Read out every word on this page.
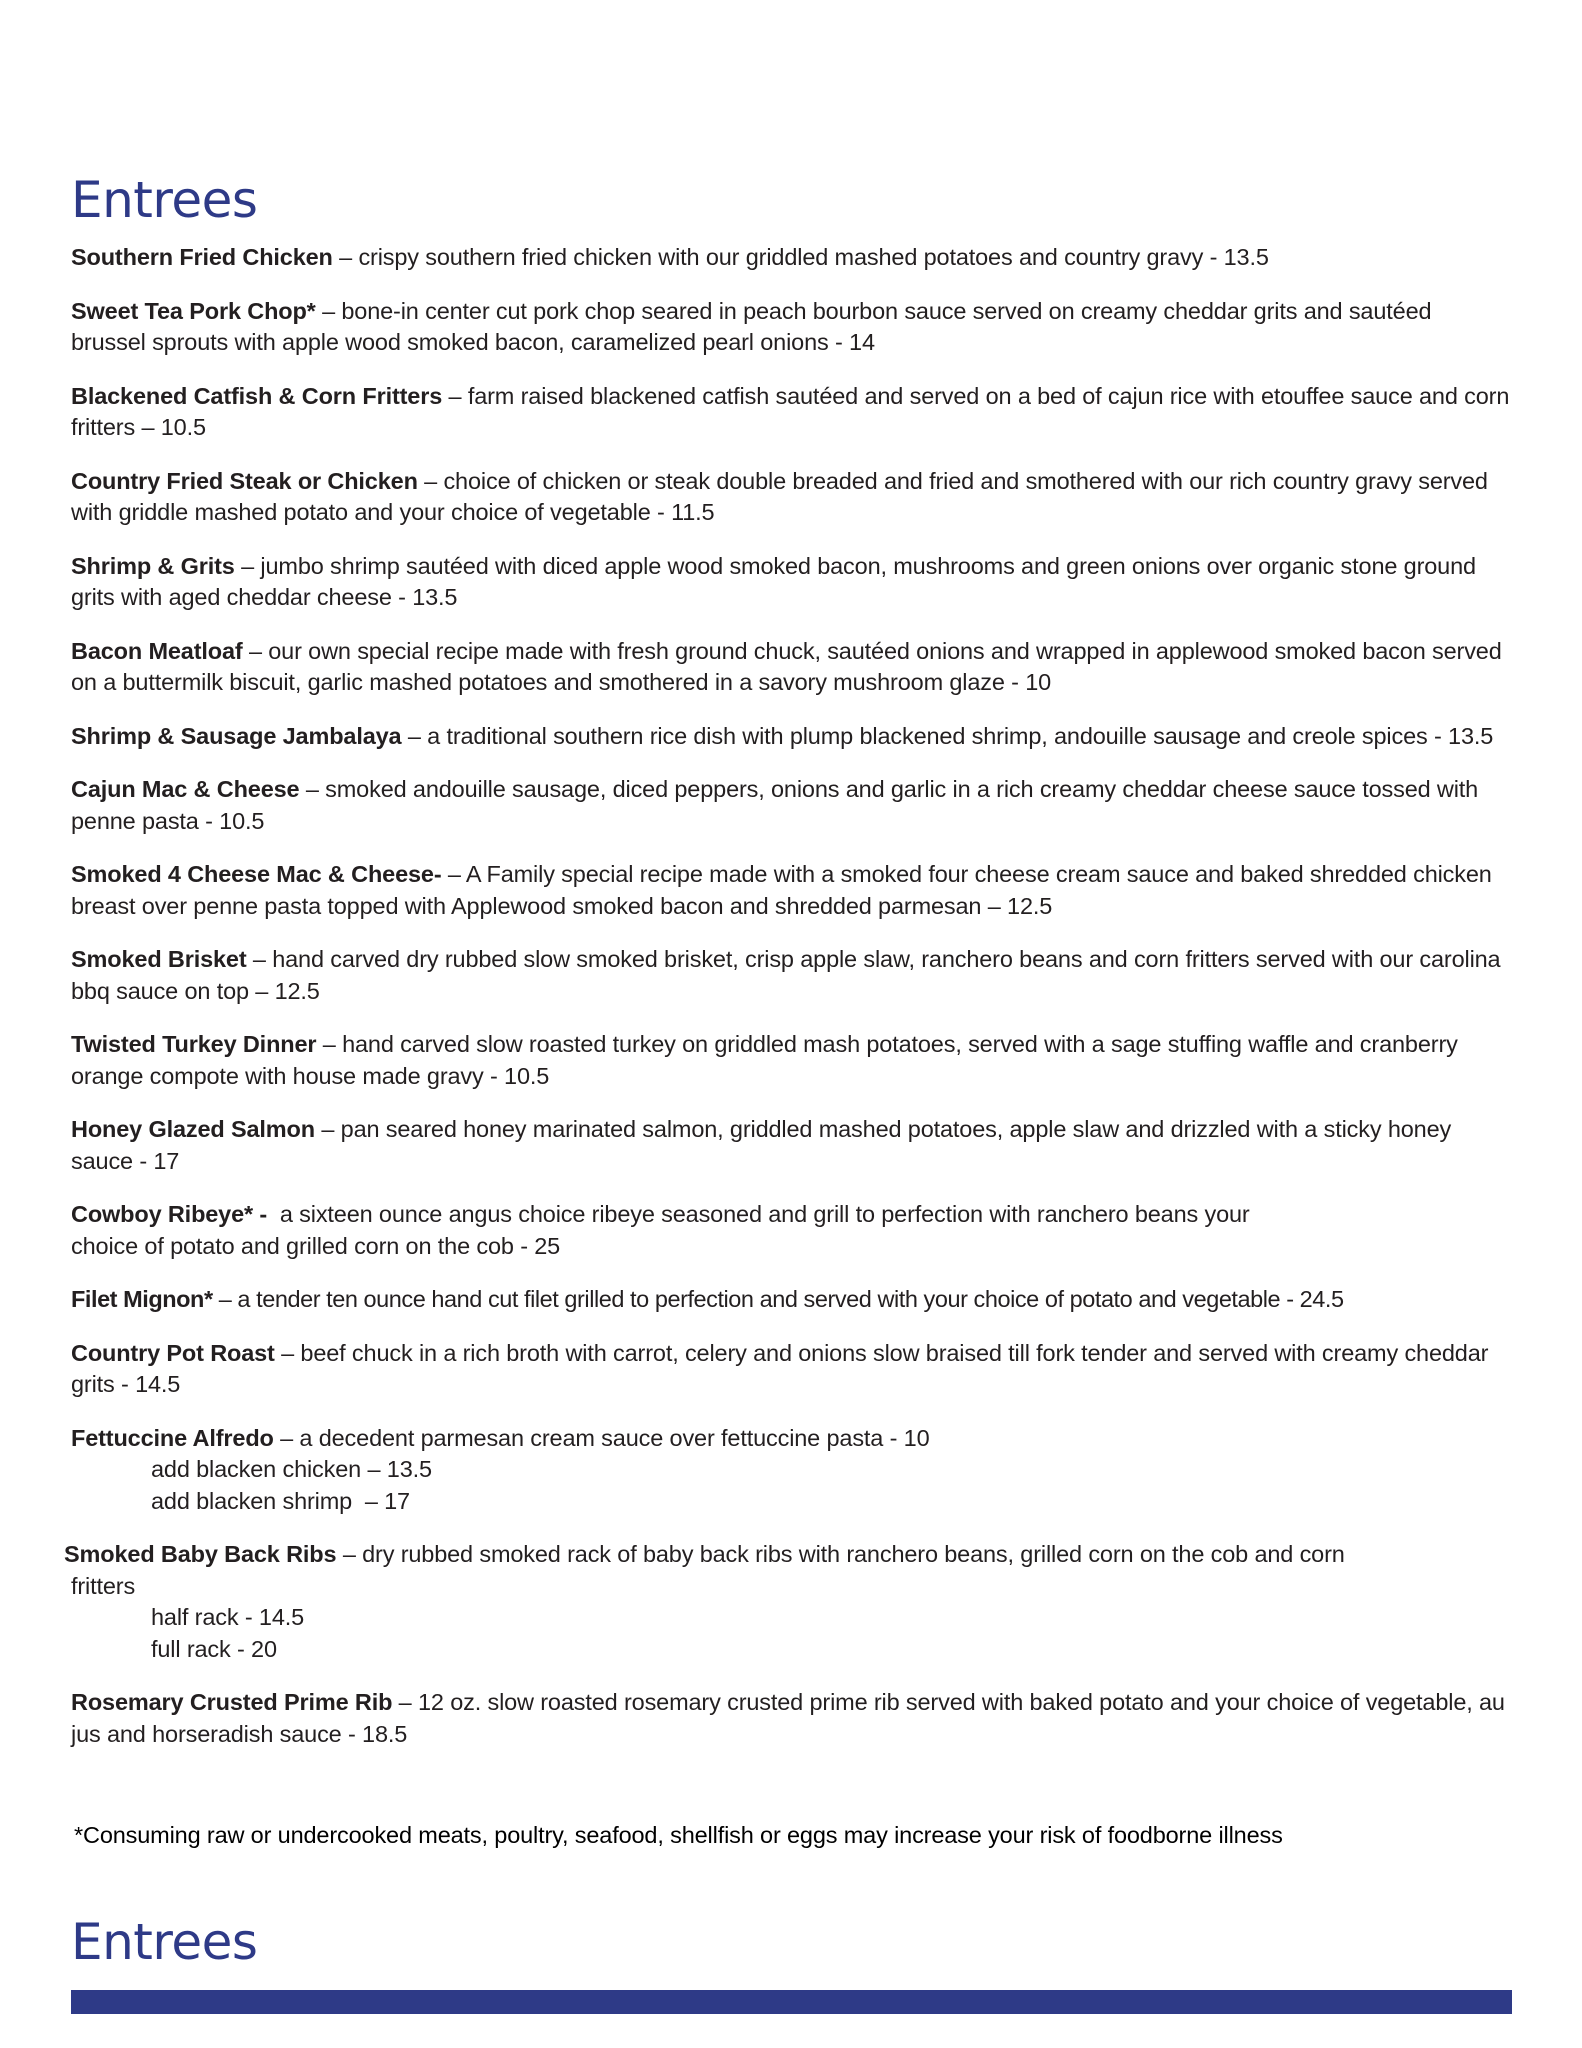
Entrees
Southern Fried Chicken – crispy southern fried chicken with our griddled mashed potatoes and country gravy - 13.5
Sweet Tea Pork Chop* – bone-in center cut pork chop seared in peach bourbon sauce served on creamy cheddar grits and sautéed brussel sprouts with apple wood smoked bacon, caramelized pearl onions - 14
Blackened Catfish & Corn Fritters – farm raised blackened catfish sautéed and served on a bed of cajun rice with etouffee sauce and corn fritters – 10.5
Country Fried Steak or Chicken – choice of chicken or steak double breaded and fried and smothered with our rich country gravy served with griddle mashed potato and your choice of vegetable - 11.5
Shrimp & Grits – jumbo shrimp sautéed with diced apple wood smoked bacon, mushrooms and green onions over organic stone ground grits with aged cheddar cheese - 13.5
Bacon Meatloaf – our own special recipe made with fresh ground chuck, sautéed onions and wrapped in applewood smoked bacon served on a buttermilk biscuit, garlic mashed potatoes and smothered in a savory mushroom glaze - 10
Shrimp & Sausage Jambalaya – a traditional southern rice dish with plump blackened shrimp, andouille sausage and creole spices - 13.5
Cajun Mac & Cheese – smoked andouille sausage, diced peppers, onions and garlic in a rich creamy cheddar cheese sauce tossed with penne pasta - 10.5
Smoked 4 Cheese Mac & Cheese- – A Family special recipe made with a smoked four cheese cream sauce and baked shredded chicken breast over penne pasta topped with Applewood smoked bacon and shredded parmesan – 12.5
Smoked Brisket – hand carved dry rubbed slow smoked brisket, crisp apple slaw, ranchero beans and corn fritters served with our carolina bbq sauce on top – 12.5
Twisted Turkey Dinner – hand carved slow roasted turkey on griddled mash potatoes, served with a sage stuffing waffle and cranberry orange compote with house made gravy - 10.5
Honey Glazed Salmon – pan seared honey marinated salmon, griddled mashed potatoes, apple slaw and drizzled with a sticky honey sauce - 17
Cowboy Ribeye* -  a sixteen ounce angus choice ribeye seasoned and grill to perfection with ranchero beans your
choice of potato and grilled corn on the cob - 25
Filet Mignon* – a tender ten ounce hand cut filet grilled to perfection and served with your choice of potato and vegetable - 24.5
Country Pot Roast – beef chuck in a rich broth with carrot, celery and onions slow braised till fork tender and served with creamy cheddar grits - 14.5
Fettuccine Alfredo – a decedent parmesan cream sauce over fettuccine pasta - 10
add blacken chicken – 13.5
add blacken shrimp  – 17
Smoked Baby Back Ribs – dry rubbed smoked rack of baby back ribs with ranchero beans, grilled corn on the cob and corn
fritters
half rack - 14.5
full rack - 20
Rosemary Crusted Prime Rib – 12 oz. slow roasted rosemary crusted prime rib served with baked potato and your choice of vegetable, au jus and horseradish sauce - 18.5
*Consuming raw or undercooked meats, poultry, seafood, shellfish or eggs may increase your risk of foodborne illness
Entrees
